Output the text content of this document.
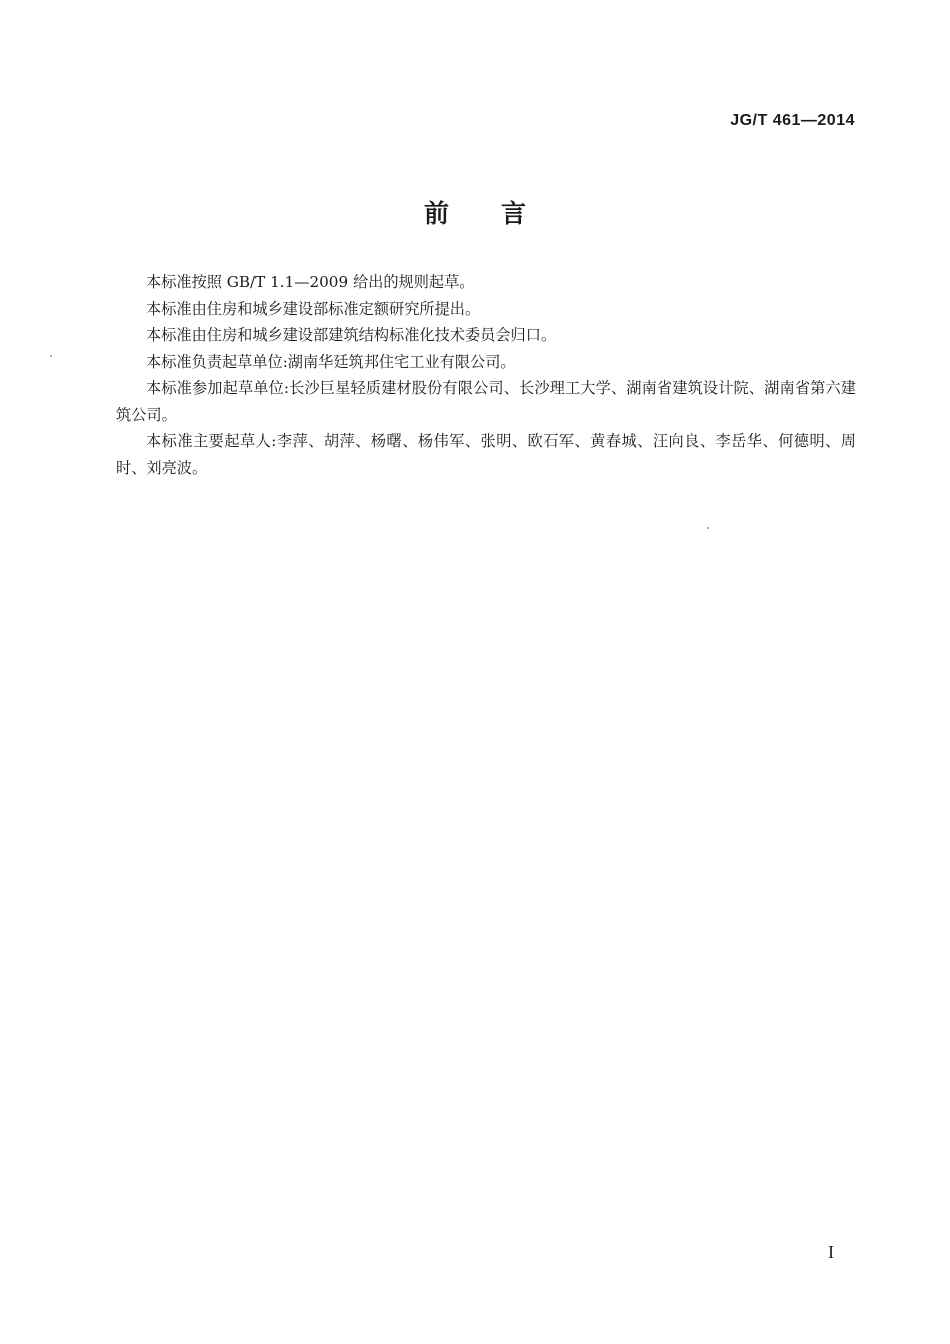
JG/T 461—2014
前 言

本标准按照 GB/T 1.1—2009 给出的规则起草。

本标准由住房和城乡建设部标准定额研究所提出。

本标准由住房和城乡建设部建筑结构标准化技术委员会归口。

本标准负责起草单位:湖南华廷筑邦住宅工业有限公司。

本标准参加起草单位:长沙巨星轻质建材股份有限公司、长沙理工大学、湖南省建筑设计院、湖南省第六建筑公司。

本标准主要起草人:李萍、胡萍、杨曙、杨伟军、张明、欧石军、黄春城、汪向良、李岳华、何德明、周时、刘亮波。

I
